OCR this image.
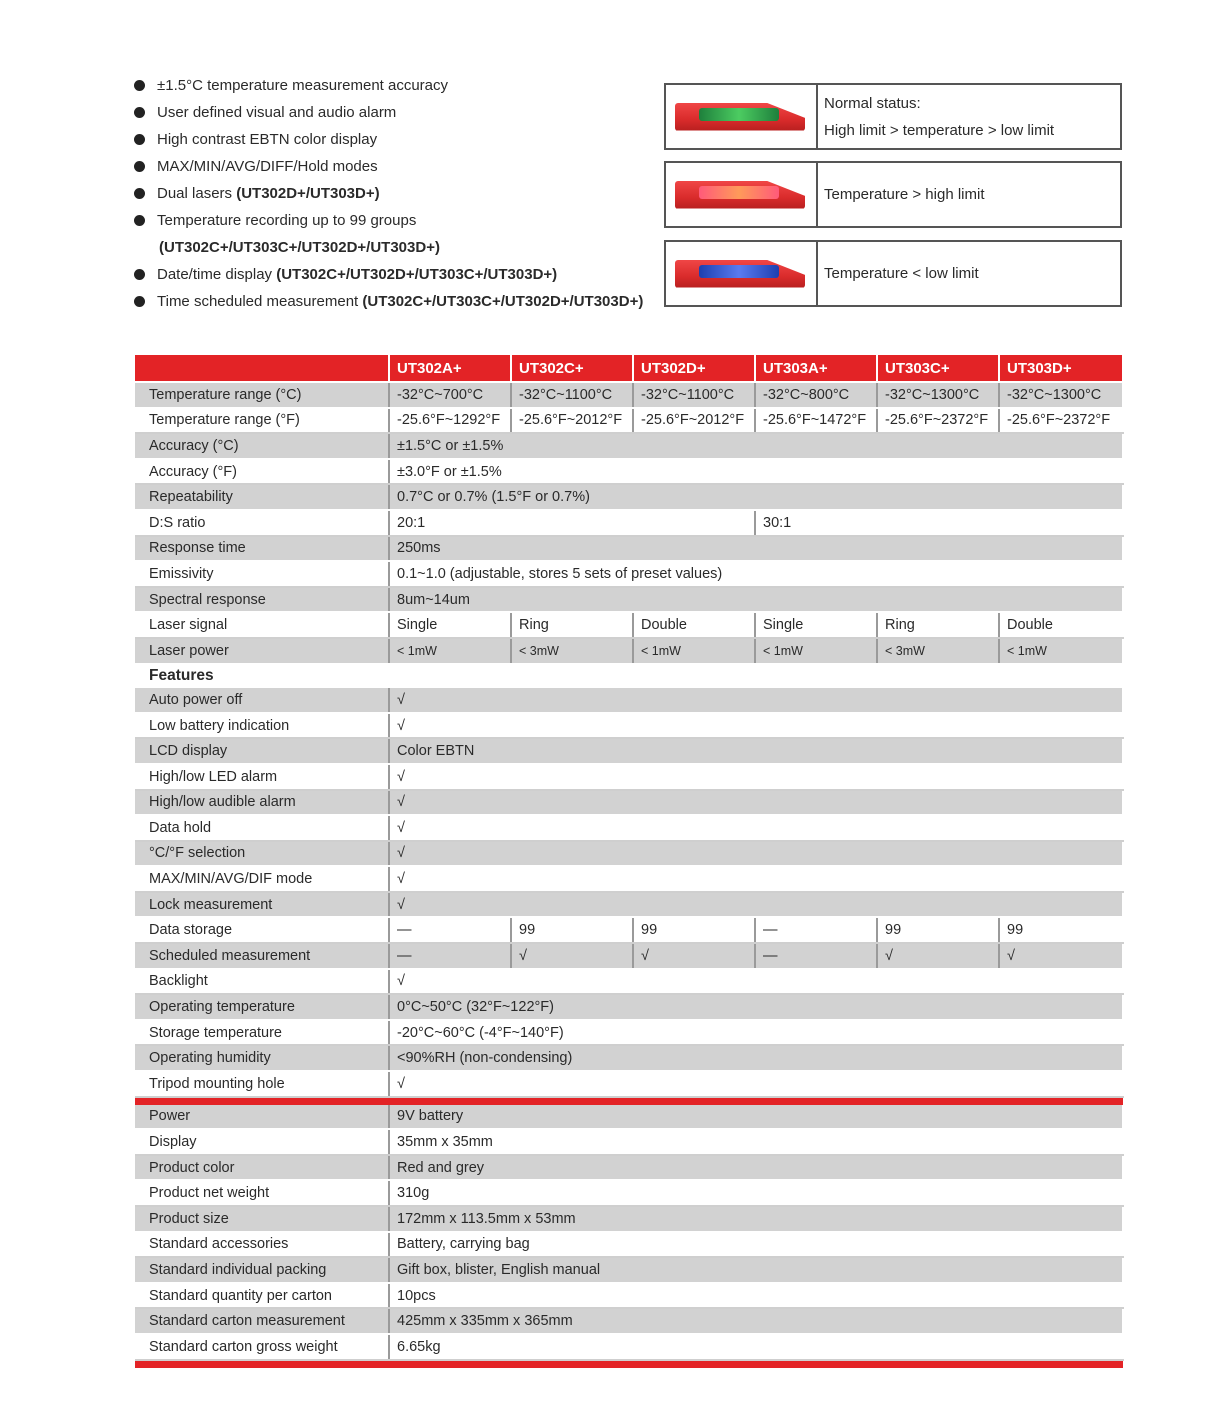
±1.5°C temperature measurement accuracy
User defined visual and audio alarm
High contrast EBTN color display
MAX/MIN/AVG/DIFF/Hold modes
Dual lasers (UT302D+/UT303D+)
Temperature recording up to 99 groups
(UT302C+/UT303C+/UT302D+/UT303D+)
Date/time display (UT302C+/UT302D+/UT303C+/UT303D+)
Time scheduled measurement (UT302C+/UT303C+/UT302D+/UT303D+)
Normal status:
High limit > temperature > low limit
Temperature > high limit
Temperature < low limit
	UT302A+	UT302C+	UT302D+	UT303A+	UT303C+	UT303D+
Temperature range (°C)	-32°C~700°C	-32°C~1100°C	-32°C~1100°C	-32°C~800°C	-32°C~1300°C	-32°C~1300°C
Temperature range (°F)	-25.6°F~1292°F	-25.6°F~2012°F	-25.6°F~2012°F	-25.6°F~1472°F	-25.6°F~2372°F	-25.6°F~2372°F
Accuracy (°C)	±1.5°C or ±1.5%					
Accuracy (°F)	±3.0°F or ±1.5%					
Repeatability	0.7°C or 0.7% (1.5°F or 0.7%)					
D:S ratio	20:1			30:1		
Response time	250ms					
Emissivity	0.1~1.0 (adjustable, stores 5 sets of preset values)					
Spectral response	8um~14um					
Laser signal	Single	Ring	Double	Single	Ring	Double
Laser power	< 1mW	< 3mW	< 1mW	< 1mW	< 3mW	< 1mW
Features						
Auto power off	√					
Low battery indication	√					
LCD display	Color EBTN					
High/low LED alarm	√					
High/low audible alarm	√					
Data hold	√					
°C/°F selection	√					
MAX/MIN/AVG/DIF mode	√					
Lock measurement	√					
Data storage	—	99	99	—	99	99
Scheduled measurement	—	√	√	—	√	√
Backlight	√					
Operating temperature	0°C~50°C (32°F~122°F)					
Storage temperature	-20°C~60°C (-4°F~140°F)					
Operating humidity	<90%RH (non-condensing)					
Tripod mounting hole	√					

Power	9V battery					
Display	35mm x 35mm					
Product color	Red and grey					
Product net weight	310g					
Product size	172mm x 113.5mm x 53mm					
Standard accessories	Battery, carrying bag					
Standard individual packing	Gift box, blister, English manual					
Standard quantity per carton	10pcs					
Standard carton measurement	425mm x 335mm x 365mm					
Standard carton gross weight	6.65kg					
